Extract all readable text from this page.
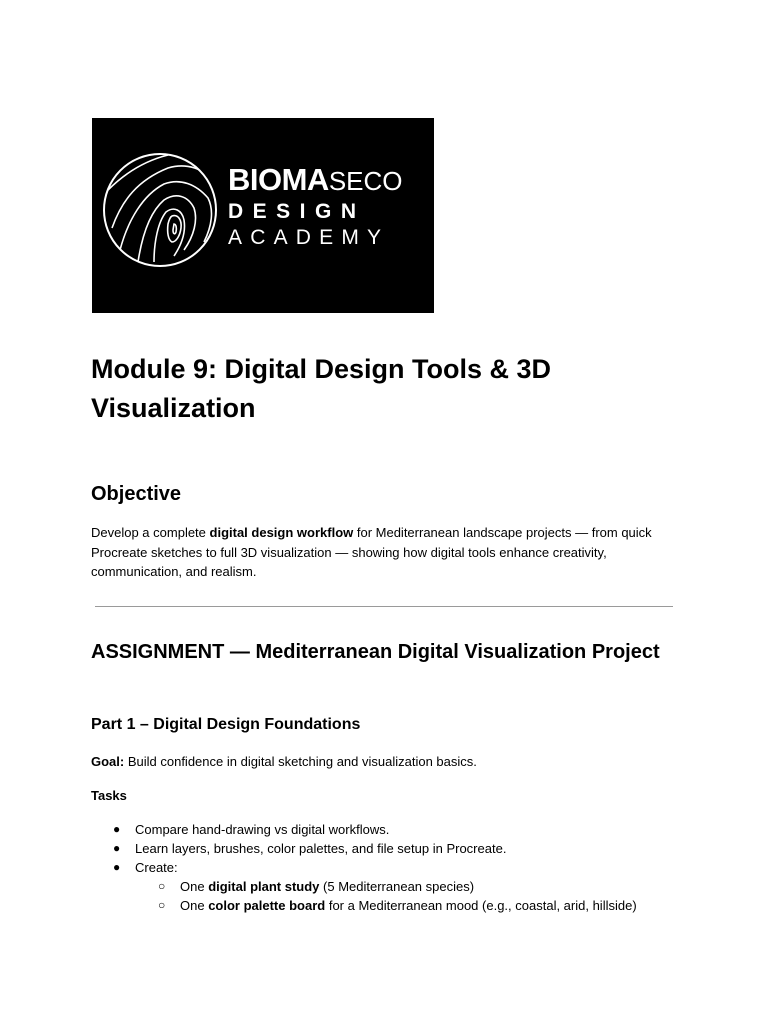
BIOMASECO
DESIGN
ACADEMY
Module 9: Digital Design Tools & 3D Visualization
Objective

Develop a complete digital design workflow for Mediterranean landscape projects — from quick Procreate sketches to full 3D visualization — showing how digital tools enhance creativity, communication, and realism.

ASSIGNMENT — Mediterranean Digital Visualization Project
Part 1 – Digital Design Foundations

Goal: Build confidence in digital sketching and visualization basics.

Tasks

●	Compare hand-drawing vs digital workflows.
●	Learn layers, brushes, color palettes, and file setup in Procreate.
●	Create:
○ One digital plant study (5 Mediterranean species)
○ One color palette board for a Mediterranean mood (e.g., coastal, arid, hillside)
